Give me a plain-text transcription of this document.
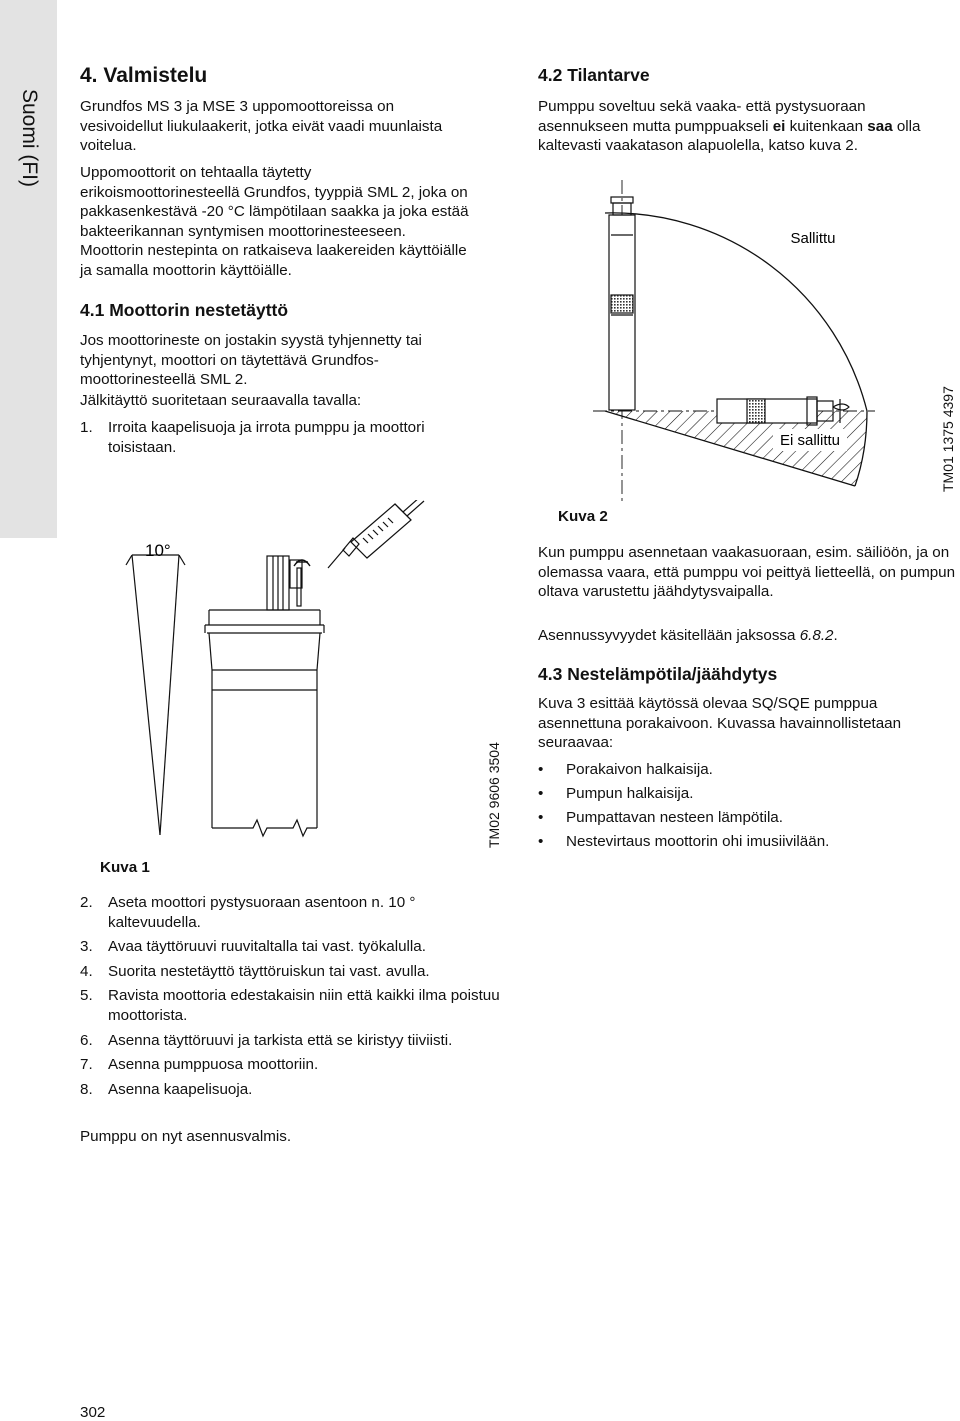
Suomi (FI)
4. Valmistelu

Grundfos MS 3 ja MSE 3 uppomoottoreissa on vesivoidellut liukulaakerit, jotka eivät vaadi muunlaista voitelua.

Uppomoottorit on tehtaalla täytetty erikoismoottorinesteellä Grundfos, tyyppiä SML 2, joka on pakkasenkestävä -20 °C lämpötilaan saakka ja joka estää bakteerikannan syntymisen moottorinesteeseen. Moottorin nestepinta on ratkaiseva laakereiden käyttöiälle ja samalla moottorin käyttöiälle.

4.1 Moottorin nestetäyttö

Jos moottorineste on jostakin syystä tyhjennetty tai tyhjentynyt, moottori on täytettävä Grundfos-moottorinesteellä SML 2.

Jälkitäyttö suoritetaan seuraavalla tavalla:

1. Irroita kaapelisuoja ja irrota pumppu ja moottori toisistaan.
10°
TM02 9606 3504
Kuva 1
2. Aseta moottori pystysuoraan asentoon n. 10 ° kaltevuudella.
3. Avaa täyttöruuvi ruuvitaltalla tai vast. työkalulla.
4. Suorita nestetäyttö täyttöruiskun tai vast. avulla.
5. Ravista moottoria edestakaisin niin että kaikki ilma poistuu moottorista.
6. Asenna täyttöruuvi ja tarkista että se kiristyy tiiviisti.
7. Asenna pumppuosa moottoriin.
8. Asenna kaapelisuoja.

Pumppu on nyt asennusvalmis.

302
4.2 Tilantarve

Pumppu soveltuu sekä vaaka- että pystysuoraan asennukseen mutta pumppuakseli ei kuitenkaan saa olla kaltevasti vaakatason alapuolella, katso kuva 2.

Ei sallittu
Sallittu
TM01 1375 4397
Kuva 2

Kun pumppu asennetaan vaakasuoraan, esim. säiliöön, ja on olemassa vaara, että pumppu voi peittyä lietteellä, on pumpun oltava varustettu jäähdytysvaipalla.

Asennussyvyydet käsitellään jaksossa 6.8.2.

4.3 Nestelämpötila/jäähdytys

Kuva 3 esittää käytössä olevaa SQ/SQE pumppua asennettuna porakaivoon. Kuvassa havainnollistetaan seuraavaa:

• Porakaivon halkaisija.
• Pumpun halkaisija.
• Pumpattavan nesteen lämpötila.
• Nestevirtaus moottorin ohi imusiivilään.
